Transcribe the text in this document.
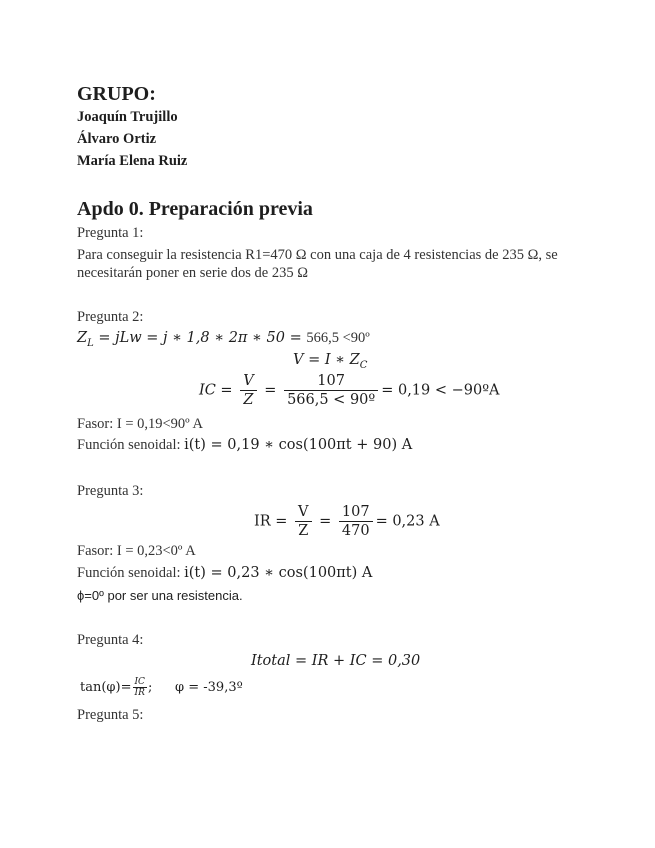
GRUPO:
Joaquín Trujillo
Álvaro Ortiz
María Elena Ruiz
Apdo 0. Preparación previa
Pregunta 1:
Para conseguir la resistencia R1=470 Ω con una caja de 4 resistencias de 235 Ω, se
necesitarán poner en serie dos de 235 Ω
Pregunta 2:
$Z_L$ = jLw = j ∗ 1,8 ∗ 2π ∗ 50 = 566,5 <90º
V = I ∗ $Z_C$
IC = $\frac{V}{Z} = \frac{107}{\text{566,5 < 90º}} = 0,19$ < −90ºA
Fasor: I = 0,19<90º A
Función senoidal: i(t) = 0,19 ∗ cos(100πt + 90) A
Pregunta 3:
IR = $\frac{V}{Z} = \frac{107}{470} = 0,23$ A
Fasor: I = 0,23<0º A
Función senoidal: i(t) = 0,23 ∗ cos(100πt) A
ϕ=0º por ser una resistencia.
Pregunta 4:
Itotal = IR + IC = 0,30
$\tan(\varphi)= \frac{IC}{IR}$ ; φ = -39,3º
Pregunta 5:
